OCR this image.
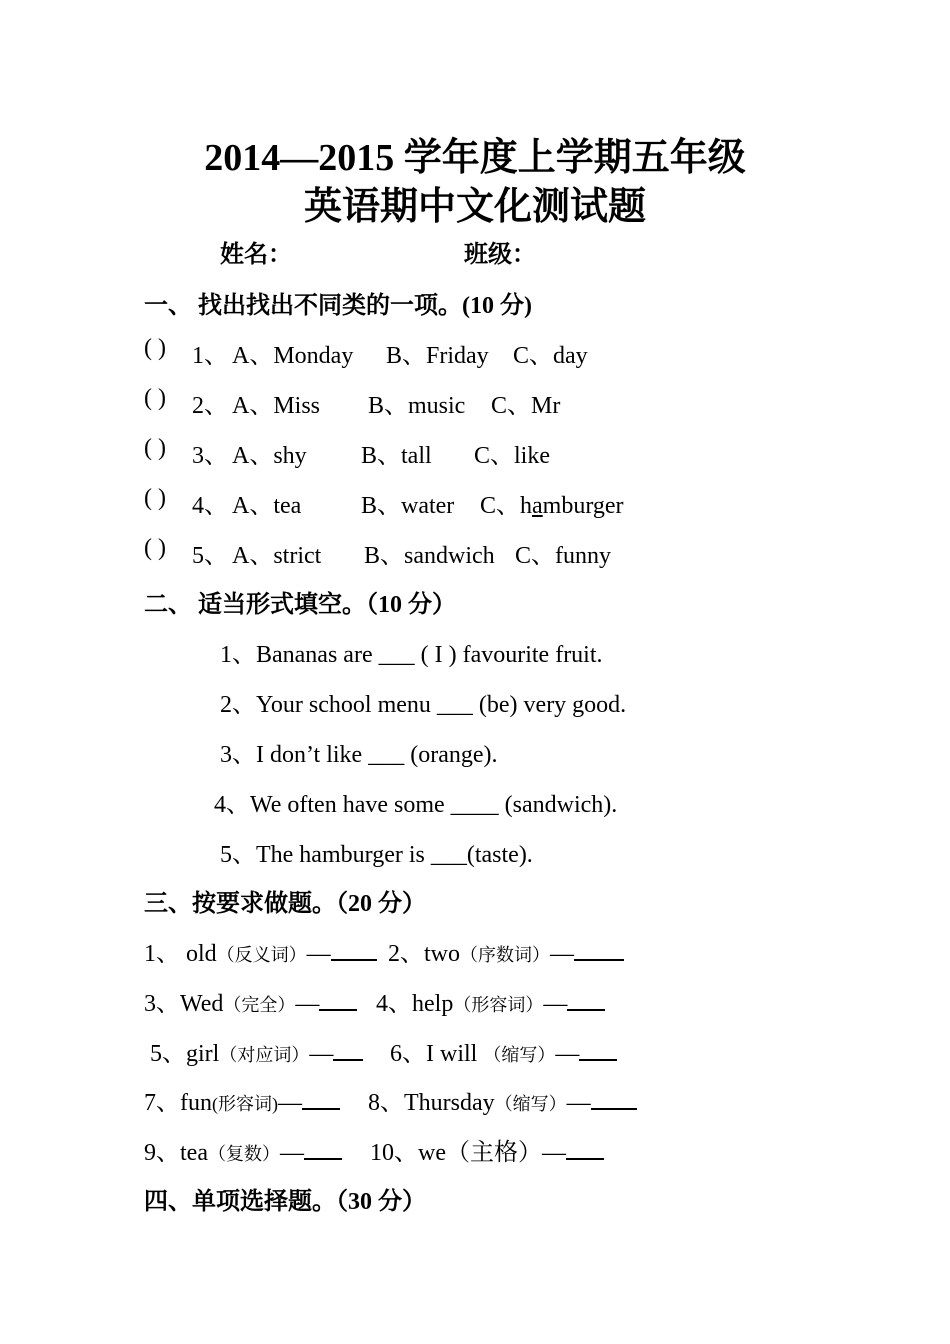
2014—2015 学年度上学期五年级
英语期中文化测试题
姓名：	班级：
一、 找出找出不同类的一项。(10 分)
( ) 1、 A、Monday B、Friday C、day
( ) 2、 A、Miss B、music C、Mr
( ) 3、 A、shy B、tall C、like
( ) 4、 A、tea B、water C、hamburger
( ) 5、 A、strict B、sandwich C、funny
二、 适当形式填空。（10 分）
1、Bananas are ___ ( I ) favourite fruit.
2、Your school menu ___ (be) very good.
3、I don’t like ___ (orange).
4、We often have some ____ (sandwich).
5、The hamburger is ___(taste).
三、按要求做题。（20 分）
1、 old（反义词）—	2、two（序数词）—
3、Wed（完全）—	4、help（形容词）—
5、girl（对应词）—	6、I will （缩写）—
7、fun(形容词)—	8、Thursday（缩写）—
9、tea（复数）—	10、we（主格）—
四、单项选择题。（30 分）
